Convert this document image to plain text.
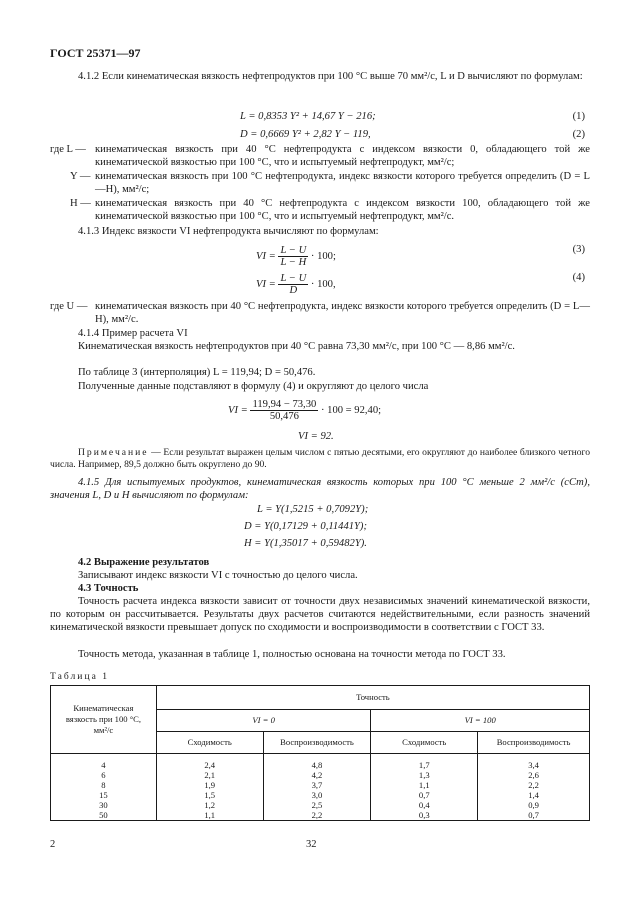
ГОСТ 25371—97

4.1.2 Если кинематическая вязкость нефтепродуктов при 100 °С выше 70 мм²/с, L и D вычисляют по формулам:

L = 0,8353 Y² + 14,67 Y − 216;	(1)
D = 0,6669 Y² + 2,82 Y − 119,	(2)
где L — кинематическая вязкость при 40 °С нефтепродукта с индексом вязкости 0, обладающего той же кинематической вязкостью при 100 °С, что и испытуемый нефтепродукт, мм²/с;
Y — кинематическая вязкость при 100 °С нефтепродукта, индекс вязкости которого требуется определить (D = L—H), мм²/с;
H — кинематическая вязкость при 40 °С нефтепродукта с индексом вязкости 100, обладающего той же кинематической вязкостью при 100 °С, что и испытуемый нефтепродукт, мм²/с.

4.1.3 Индекс вязкости VI нефтепродукта вычисляют по формулам:

VI = $\frac{L - U}{L - H} \cdot 100$;
(3)
VI = $\frac{L - U}{D} \cdot 100$,
(4)
где U — кинематическая вязкость при 40 °С нефтепродукта, индекс вязкости которого требуется определить (D = L—H), мм²/с.

4.1.4 Пример расчета VI

Кинематическая вязкость нефтепродуктов при 40 °С равна 73,30 мм²/с, при 100 °С — 8,86 мм²/с.

По таблице 3 (интерполяция) L = 119,94; D = 50,476.

Полученные данные подставляют в формулу (4) и округляют до целого числа

VI = $\frac{119,94 - 73,30}{50,476} \cdot 100 = 92,40$;
VI = 92.

Примечание — Если результат выражен целым числом с пятью десятыми, его округляют до наиболее близкого четного числа. Например, 89,5 должно быть округлено до 90.

4.1.5 Для испытуемых продуктов, кинематическая вязкость которых при 100 °С меньше 2 мм²/с (сСт), значения L, D и H вычисляют по формулам:

L = Y(1,5215 + 0,7092Y);
D = Y(0,17129 + 0,11441Y);
H = Y(1,35017 + 0,59482Y).

4.2 Выражение результатов

Записывают индекс вязкости VI с точностью до целого числа.

4.3 Точность

Точность расчета индекса вязкости зависит от точности двух независимых значений кинематической вязкости, по которым он рассчитывается. Результаты двух расчетов считаются недействительными, если разность значений кинематической вязкости превышает допуск по сходимости и воспроизводимости в соответствии с ГОСТ 33.

Точность метода, указанная в таблице 1, полностью основана на точности метода по ГОСТ 33.

Таблица 1
Кинематическая вязкость при 100 °С, мм²/с	Точность			
	VI = 0		VI = 100	
	Сходимость	Воспроизводимость	Сходимость	Воспроизводимость

4	2,4	4,8	1,7	3,4
6	2,1	4,2	1,3	2,6
8	1,9	3,7	1,1	2,2
15	1,5	3,0	0,7	1,4
30	1,2	2,5	0,4	0,9
50	1,1	2,2	0,3	0,7
2	32
